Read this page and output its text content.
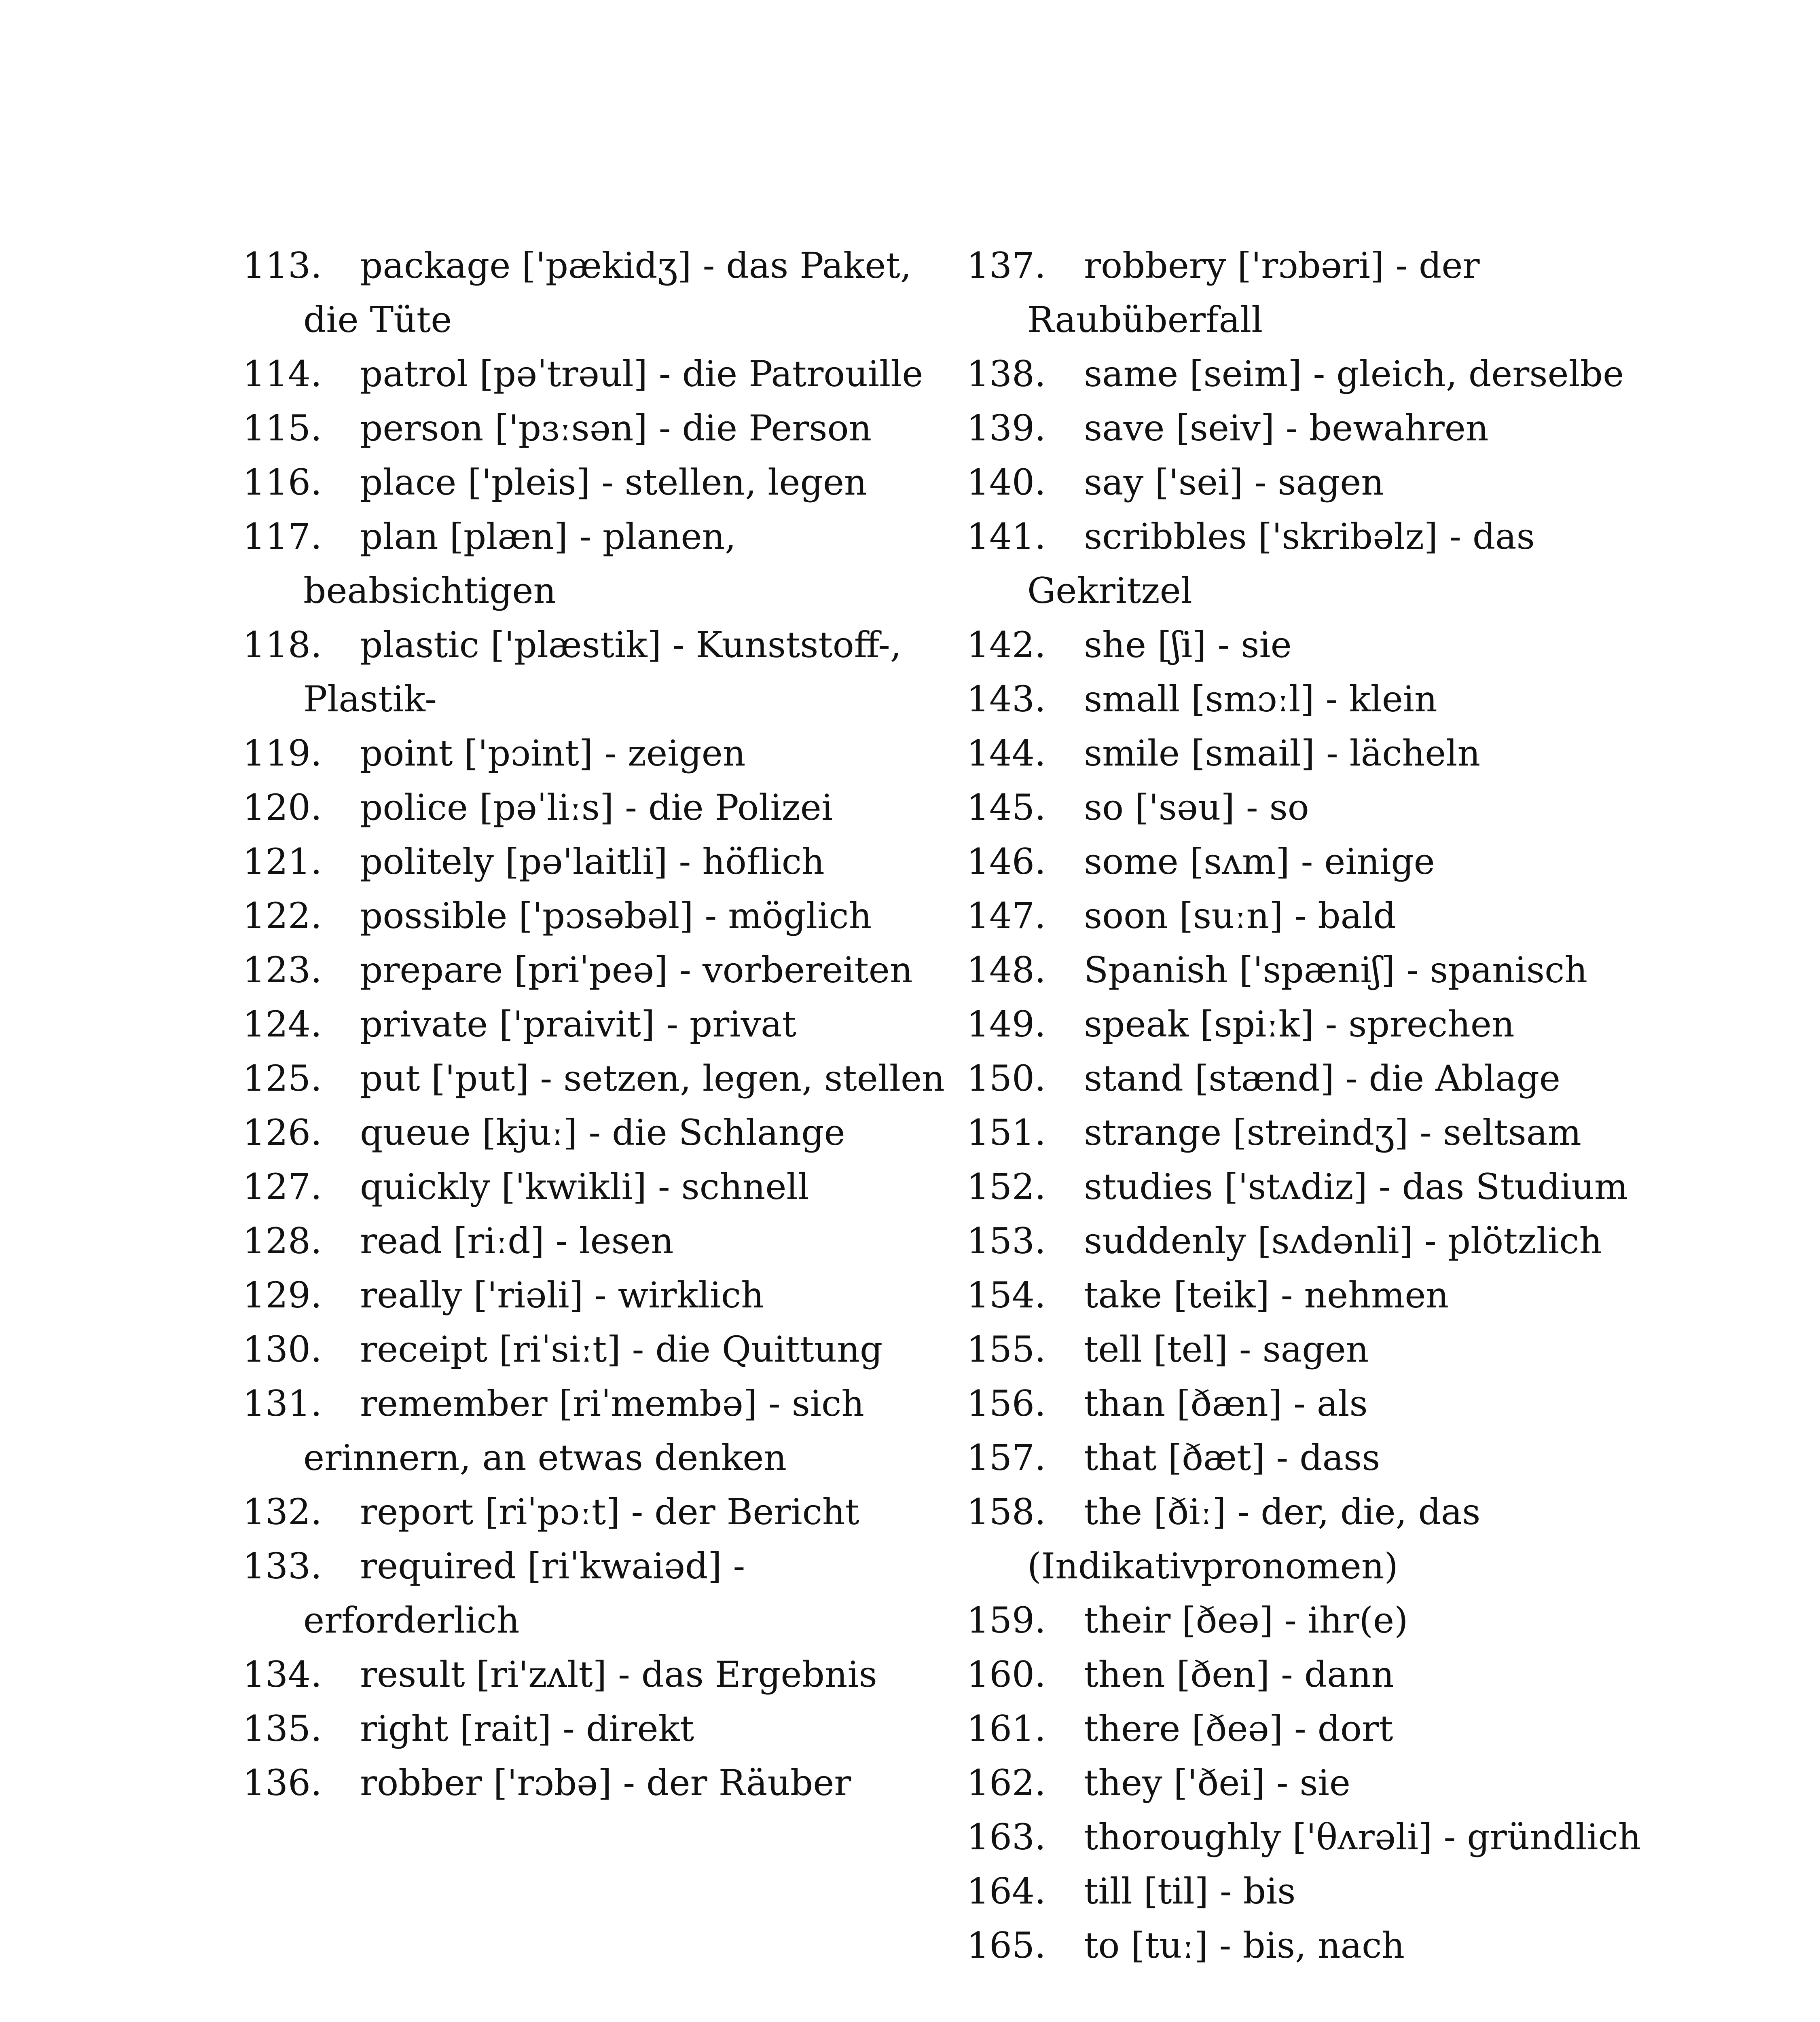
113. package ['pækidʒ] - das Paket, die Tüte
114. patrol [pəˈtrəul] - die Patrouille
115. person ['pɜːsən] - die Person
116. place ['pleis] - stellen, legen
117. plan [plæn] - planen, beabsichtigen
118. plastic ['plæstik] - Kunststoff-, Plastik-
119. point ['pɔint] - zeigen
120. police [pəˈliːs] - die Polizei
121. politely [pə'laitli] - höflich
122. possible ['pɔsəbəl] - möglich
123. prepare [priˈpeə] - vorbereiten
124. private ['praivit] - privat
125. put ['put] - setzen, legen, stellen
126. queue [kjuː] - die Schlange
127. quickly ['kwikli] - schnell
128. read [riːd] - lesen
129. really ['riəli] - wirklich
130. receipt [riˈsiːt] - die Quittung
131. remember [riˈmembə] - sich erinnern, an etwas denken
132. report [riˈpɔːt] - der Bericht
133. required [riˈkwaiəd] - erforderlich
134. result [ri'zʌlt] - das Ergebnis
135. right [rait] - direkt
136. robber ['rɔbə] - der Räuber
137. robbery ['rɔbəri] - der Raubüberfall
138. same [seim] - gleich, derselbe
139. save [seiv] - bewahren
140. say ['sei] - sagen
141. scribbles ['skribəlz] - das Gekritzel
142. she [ʃi] - sie
143. small [smɔːl] - klein
144. smile [smail] - lächeln
145. so ['səu] - so
146. some [sʌm] - einige
147. soon [suːn] - bald
148. Spanish ['spæniʃ] - spanisch
149. speak [spiːk] - sprechen
150. stand [stænd] - die Ablage
151. strange [streindʒ] - seltsam
152. studies ['stʌdiz] - das Studium
153. suddenly [sʌdənli] - plötzlich
154. take [teik] - nehmen
155. tell [tel] - sagen
156. than [ðæn] - als
157. that [ðæt] - dass
158. the [ðiː] - der, die, das (Indikativpronomen)
159. their [ðeə] - ihr(e)
160. then [ðen] - dann
161. there [ðeə] - dort
162. they ['ðei] - sie
163. thoroughly ['θʌrəli] - gründlich
164. till [til] - bis
165. to [tuː] - bis, nach
